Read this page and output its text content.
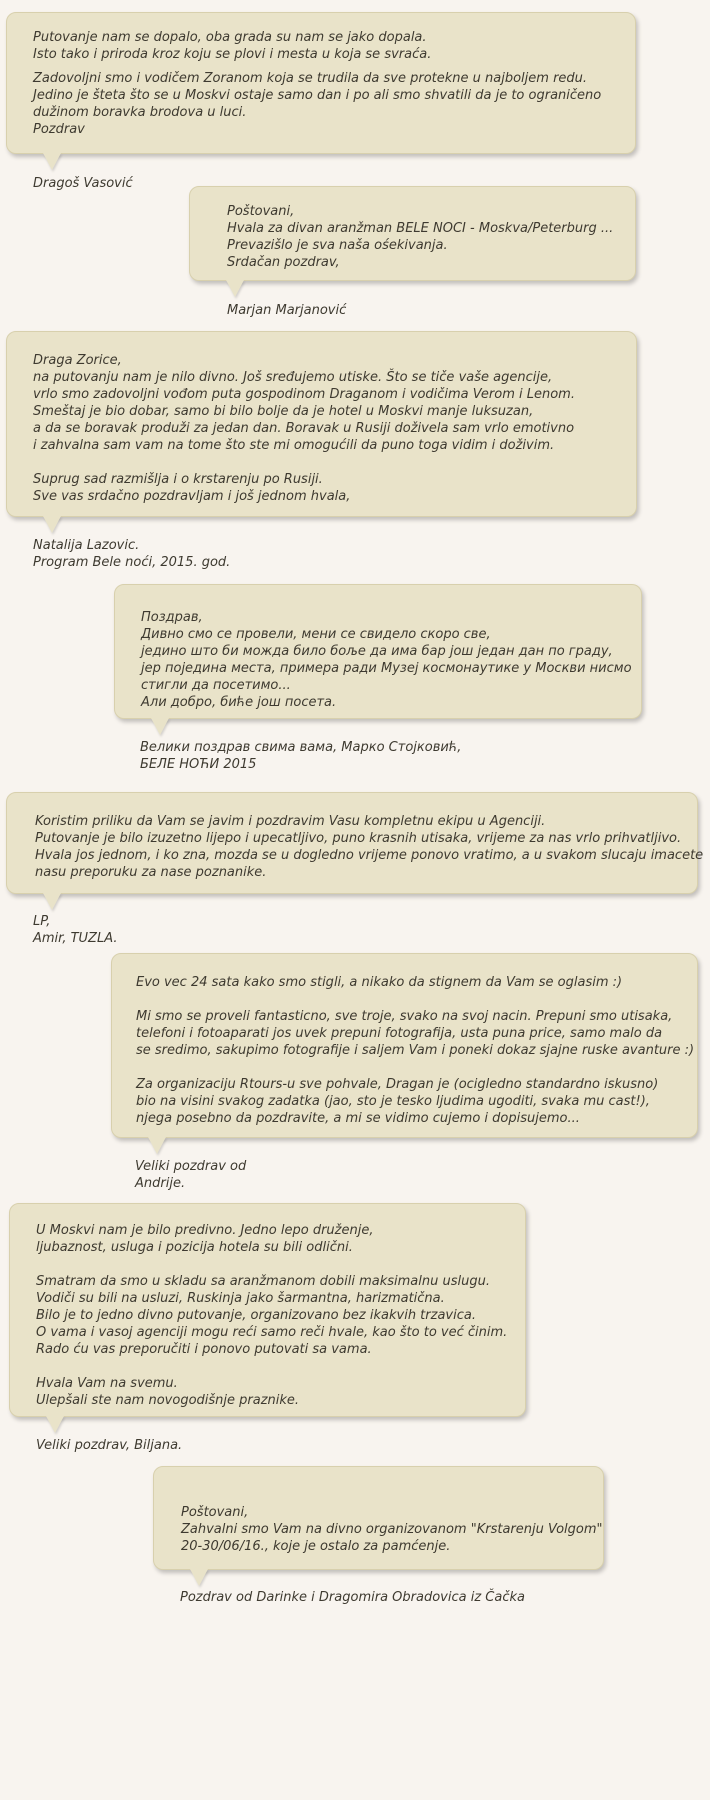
Putovanje nam se dopalo, oba grada su nam se jako dopala.
Isto tako i priroda kroz koju se plovi i mesta u koja se svraća.
Zadovoljni smo i vodičem Zoranom koja se trudila da sve protekne u najboljem redu.
Jedino je šteta što se u Moskvi ostaje samo dan i po ali smo shvatili da je to ograničeno
dužinom boravka brodova u luci.
Pozdrav
Dragoš Vasović
Poštovani,
Hvala za divan aranžman BELE NOCI - Moskva/Peterburg ...
Prevazišlo je sva naša ośekivanja.
Srdačan pozdrav,
Marjan Marjanović
Draga Zorice,
na putovanju nam je nilo divno. Još sređujemo utiske. Što se tiče vaše agencije,
vrlo smo zadovoljni vođom puta gospodinom Draganom i vodičima Verom i Lenom.
Smeštaj je bio dobar, samo bi bilo bolje da je hotel u Moskvi manje luksuzan,
a da se boravak produži za jedan dan. Boravak u Rusiji doživela sam vrlo emotivno
i zahvalna sam vam na tome što ste mi omogućili da puno toga vidim i doživim.
Suprug sad razmišlja i o krstarenju po Rusiji.
Sve vas srdačno pozdravljam i još jednom hvala,
Natalija Lazovic.
Program Bele noći, 2015. god.
Поздрав,
Дивно смо се провели, мени се свидело скоро све,
једино што би можда било боље да има бар још један дан по граду,
јер поједина места, примера ради Музеј космонаутике у Москви нисмо
стигли да посетимо...
Али добро, биће још посета.
Велики поздрав свима вама, Марко Стојковић,
БЕЛЕ НОЋИ 2015
Koristim priliku da Vam se javim i pozdravim Vasu kompletnu ekipu u Agenciji.
Putovanje je bilo izuzetno lijepo i upecatljivo, puno krasnih utisaka, vrijeme za nas vrlo prihvatljivo.
Hvala jos jednom, i ko zna, mozda se u dogledno vrijeme ponovo vratimo, a u svakom slucaju imacete
nasu preporuku za nase poznanike.
LP,
Amir, TUZLA.
Evo vec 24 sata kako smo stigli, a nikako da stignem da Vam se oglasim :)
Mi smo se proveli fantasticno, sve troje, svako na svoj nacin. Prepuni smo utisaka,
telefoni i fotoaparati jos uvek prepuni fotografija, usta puna price, samo malo da
se sredimo, sakupimo fotografije i saljem Vam i poneki dokaz sjajne ruske avanture :)
Za organizaciju Rtours-u sve pohvale, Dragan je (ocigledno standardno iskusno)
bio na visini svakog zadatka (jao, sto je tesko ljudima ugoditi, svaka mu cast!),
njega posebno da pozdravite, a mi se vidimo cujemo i dopisujemo...
Veliki pozdrav od
Andrije.
U Moskvi nam je bilo predivno. Jedno lepo druženje,
ljubaznost, usluga i pozicija hotela su bili odlični.
Smatram da smo u skladu sa aranžmanom dobili maksimalnu uslugu.
Vodiči su bili na usluzi, Ruskinja jako šarmantna, harizmatična.
Bilo je to jedno divno putovanje, organizovano bez ikakvih trzavica.
O vama i vasoj agenciji mogu reći samo reči hvale, kao što to već činim.
Rado ću vas preporučiti i ponovo putovati sa vama.
Hvala Vam na svemu.
Ulepšali ste nam novogodišnje praznike.
Veliki pozdrav, Biljana.
Poštovani,
Zahvalni smo Vam na divno organizovanom "Krstarenju Volgom"
20-30/06/16., koje je ostalo za pamćenje.
Pozdrav od Darinke i Dragomira Obradovica iz Čačka
